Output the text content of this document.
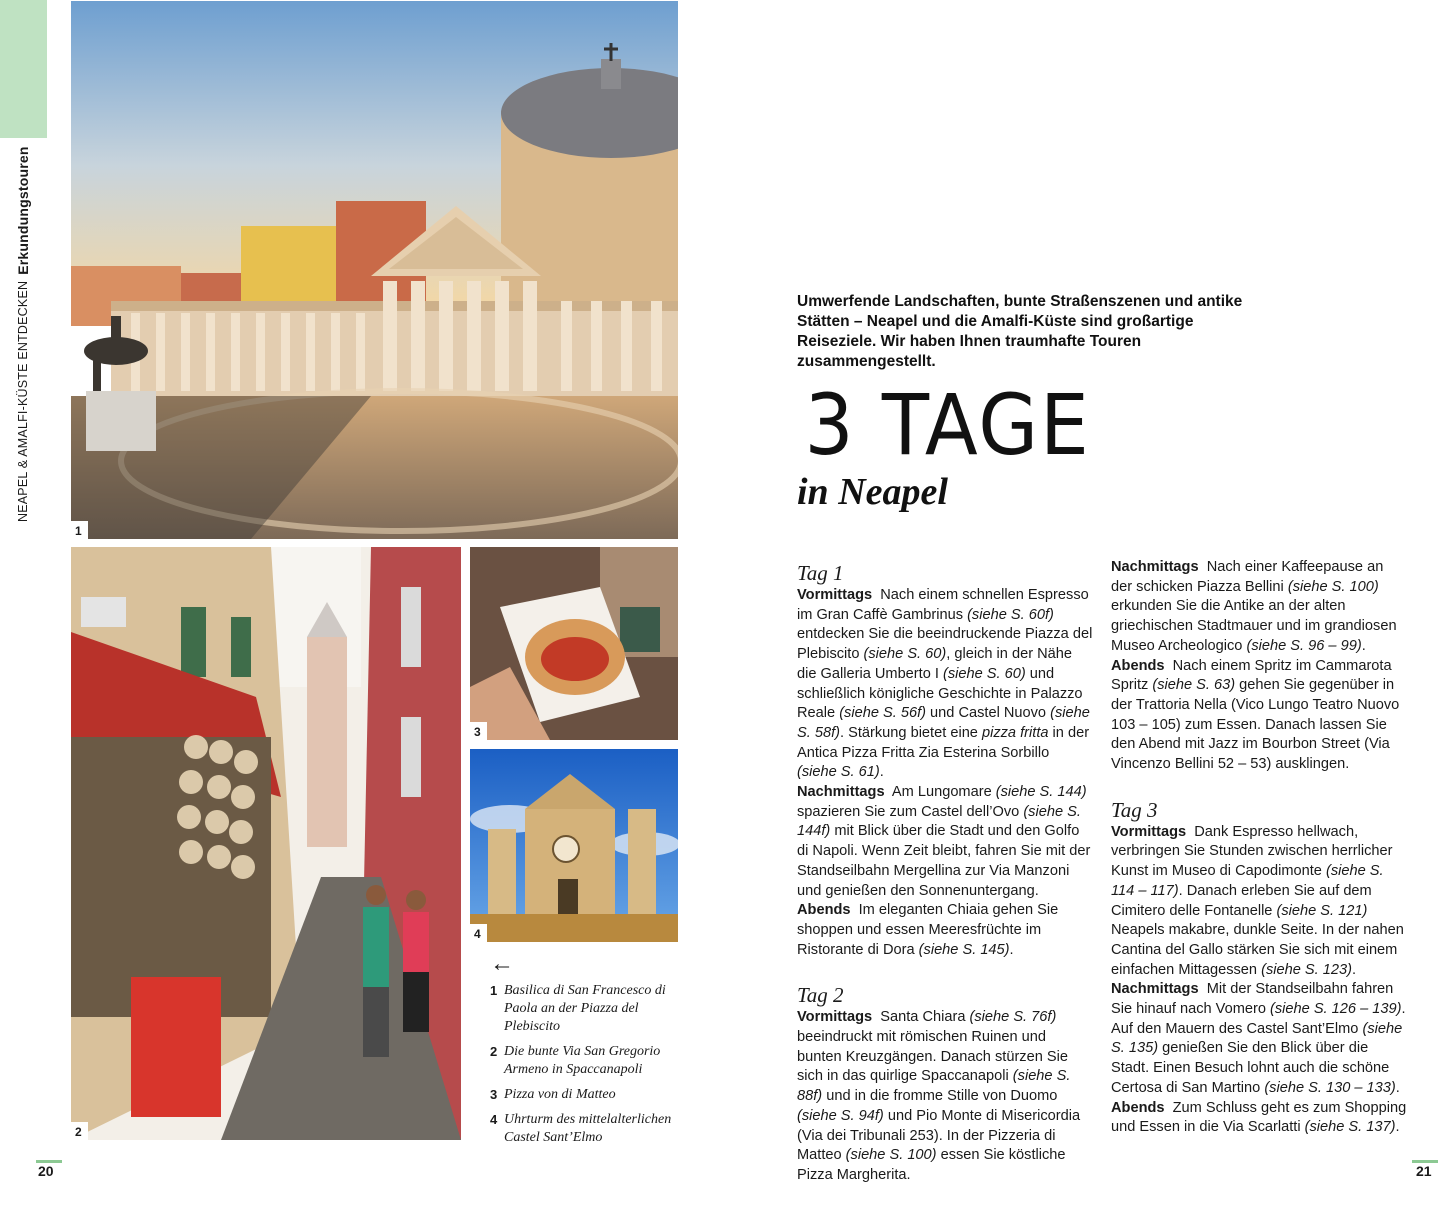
NEAPEL & AMALFI-KÜSTE ENTDECKEN
Erkundungstouren
1
2
3
4
←
1 Basilica di San Francesco di Paola an der Piazza del Plebiscito
2 Die bunte Via San Gregorio Armeno in Spaccanapoli
3 Pizza von di Matteo
4 Uhrturm des mittelalterlichen Castel Sant’Elmo
20	21
Umwerfende Landschaften, bunte Straßenszenen und antike Stätten – Neapel und die Amalfi-Küste sind großartige Reiseziele. Wir haben Ihnen traumhafte Touren zusammengestellt.
3 TAGE
in Neapel

Tag 1

Vormittags Nach einem schnellen Espresso im Gran Caffè Gambrinus (siehe S. 60f) entdecken Sie die beeindruckende Piazza del Plebiscito (siehe S. 60), gleich in der Nähe die Galleria Umberto I (siehe S. 60) und schließlich königliche Geschichte in Palazzo Reale (siehe S. 56f) und Castel Nuovo (siehe S. 58f). Stärkung bietet eine pizza fritta in der Antica Pizza Fritta Zia Esterina Sorbillo (siehe S. 61).

Nachmittags Am Lungomare (siehe S. 144) spazieren Sie zum Castel dell’Ovo (siehe S. 144f) mit Blick über die Stadt und den Golfo di Napoli. Wenn Zeit bleibt, fahren Sie mit der Standseilbahn Mergellina zur Via Manzoni und genießen den Sonnenuntergang.

Abends Im eleganten Chiaia gehen Sie shoppen und essen Meeresfrüchte im Ristorante di Dora (siehe S. 145).

Tag 2

Vormittags Santa Chiara (siehe S. 76f) beeindruckt mit römischen Ruinen und bunten Kreuzgängen. Danach stürzen Sie sich in das quirlige Spaccanapoli (siehe S. 88f) und in die fromme Stille von Duomo (siehe S. 94f) und Pio Monte di Misericordia (Via dei Tribunali 253). In der Pizzeria di Matteo (siehe S. 100) essen Sie köstliche Pizza Margherita.

Nachmittags Nach einer Kaffeepause an der schicken Piazza Bellini (siehe S. 100) erkunden Sie die Antike an der alten griechischen Stadtmauer und im grandiosen Museo Archeologico (siehe S. 96 – 99).

Abends Nach einem Spritz im Cammarota Spritz (siehe S. 63) gehen Sie gegenüber in der Trattoria Nella (Vico Lungo Teatro Nuovo 103 – 105) zum Essen. Danach lassen Sie den Abend mit Jazz im Bourbon Street (Via Vincenzo Bellini 52 – 53) ausklingen.

Tag 3

Vormittags Dank Espresso hellwach, verbringen Sie Stunden zwischen herrlicher Kunst im Museo di Capodimonte (siehe S. 114 – 117). Danach erleben Sie auf dem Cimitero delle Fontanelle (siehe S. 121) Neapels makabre, dunkle Seite. In der nahen Cantina del Gallo stärken Sie sich mit einem einfachen Mittagessen (siehe S. 123).

Nachmittags Mit der Standseilbahn fahren Sie hinauf nach Vomero (siehe S. 126 – 139). Auf den Mauern des Castel Sant’Elmo (siehe S. 135) genießen Sie den Blick über die Stadt. Einen Besuch lohnt auch die schöne Certosa di San Martino (siehe S. 130 – 133).

Abends Zum Schluss geht es zum Shopping und Essen in die Via Scarlatti (siehe S. 137).
